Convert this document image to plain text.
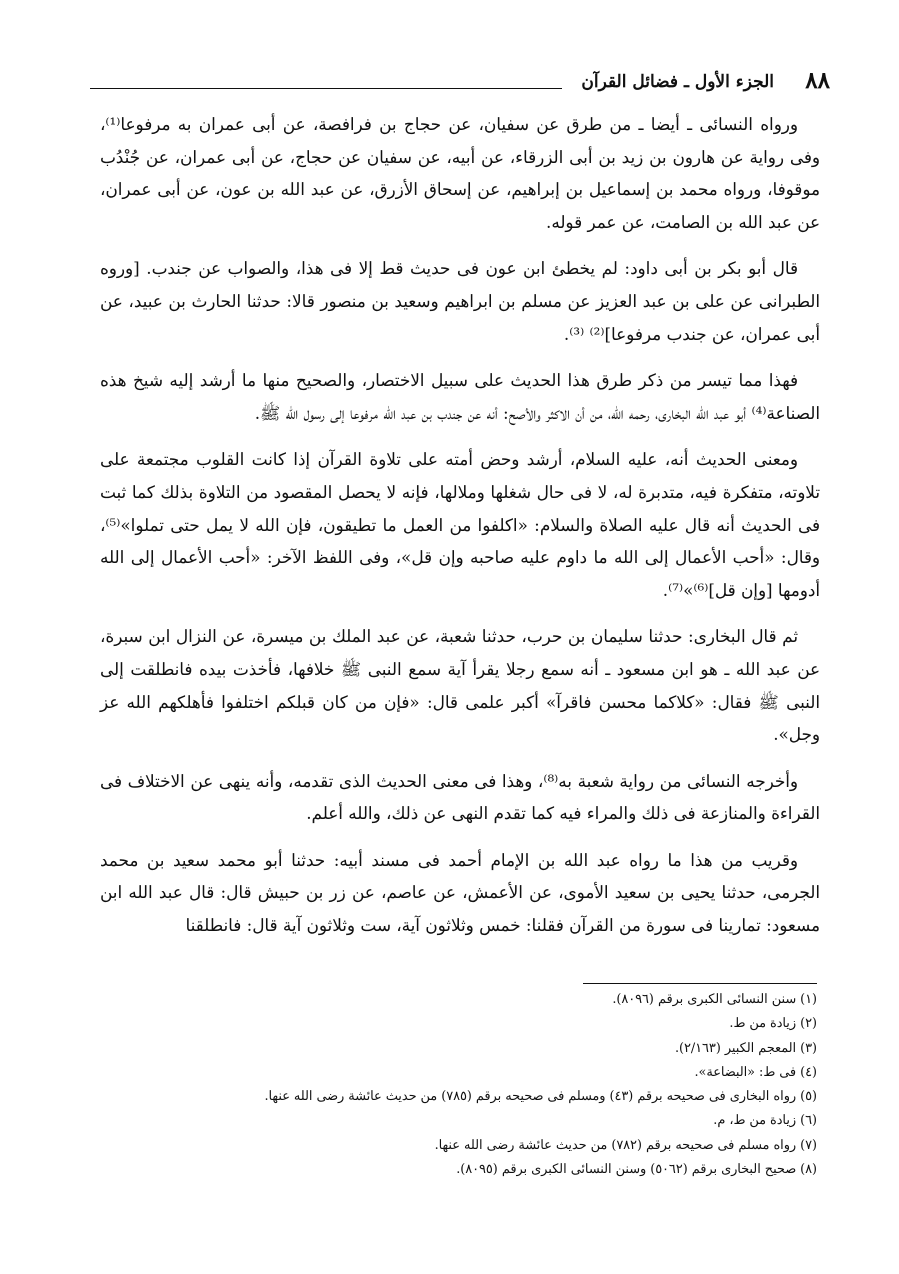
الجزء الأول ـ فضائل القرآن ٨٨

ورواه النسائى ـ أيضا ـ من طرق عن سفيان، عن حجاج بن فرافصة، عن أبى عمران به مرفوعا⁽¹⁾، وفى رواية عن هارون بن زيد بن أبى الزرقاء، عن أبيه، عن سفيان عن حجاج، عن أبى عمران، عن جُنْدُب موقوفا، ورواه محمد بن إسماعيل بن إبراهيم، عن إسحاق الأزرق، عن عبد الله بن عون، عن أبى عمران، عن عبد الله بن الصامت، عن عمر قوله.

قال أبو بكر بن أبى داود: لم يخطئ ابن عون فى حديث قط إلا فى هذا، والصواب عن جندب. [وروه الطبرانى عن على بن عبد العزيز عن مسلم بن ابراهيم وسعيد بن منصور قالا: حدثنا الحارث بن عبيد، عن أبى عمران، عن جندب مرفوعا]⁽²⁾ ⁽³⁾.

فهذا مما تيسر من ذكر طرق هذا الحديث على سبيل الاختصار، والصحيح منها ما أرشد إليه شيخ هذه الصناعة⁽⁴⁾ أبو عبد الله البخارى، رحمه الله، من أن الاكثر والأصح: أنه عن جندب بن عبد الله مرفوعا إلى رسول الله ﷺ.

ومعنى الحديث أنه، عليه السلام، أرشد وحض أمته على تلاوة القرآن إذا كانت القلوب مجتمعة على تلاوته، متفكرة فيه، متدبرة له، لا فى حال شغلها وملالها، فإنه لا يحصل المقصود من التلاوة بذلك كما ثبت فى الحديث أنه قال عليه الصلاة والسلام: «اكلفوا من العمل ما تطيقون، فإن الله لا يمل حتى تملوا»⁽⁵⁾، وقال: «أحب الأعمال إلى الله ما داوم عليه صاحبه وإن قل»، وفى اللفظ الآخر: «أحب الأعمال إلى الله أدومها [وإن قل]⁽⁶⁾»⁽⁷⁾.

ثم قال البخارى: حدثنا سليمان بن حرب، حدثنا شعبة، عن عبد الملك بن ميسرة، عن النزال ابن سبرة، عن عبد الله ـ هو ابن مسعود ـ أنه سمع رجلا يقرأ آية سمع النبى ﷺ خلافها، فأخذت بيده فانطلقت إلى النبى ﷺ فقال: «كلاكما محسن فاقرآ» أكبر علمى قال: «فإن من كان قبلكم اختلفوا فأهلكهم الله عز وجل».

وأخرجه النسائى من رواية شعبة به⁽⁸⁾، وهذا فى معنى الحديث الذى تقدمه، وأنه ينهى عن الاختلاف فى القراءة والمنازعة فى ذلك والمراء فيه كما تقدم النهى عن ذلك، والله أعلم.

وقريب من هذا ما رواه عبد الله بن الإمام أحمد فى مسند أبيه: حدثنا أبو محمد سعيد بن محمد الجرمى، حدثنا يحيى بن سعيد الأموى، عن الأعمش، عن عاصم، عن زر بن حبيش قال: قال عبد الله ابن مسعود: تمارينا فى سورة من القرآن فقلنا: خمس وثلاثون آية، ست وثلاثون آية قال: فانطلقنا

(١) سنن النسائى الكبرى برقم (٨٠٩٦).

(٢) زيادة من ط.

(٣) المعجم الكبير (٢/١٦٣).

(٤) فى ط: «البضاعة».

(٥) رواه البخارى فى صحيحه برقم (٤٣) ومسلم فى صحيحه برقم (٧٨٥) من حديث عائشة رضى الله عنها.

(٦) زيادة من ط، م.

(٧) رواه مسلم فى صحيحه برقم (٧٨٢) من حديث عائشة رضى الله عنها.

(٨) صحيح البخارى برقم (٥٠٦٢) وسنن النسائى الكبرى برقم (٨٠٩٥).
